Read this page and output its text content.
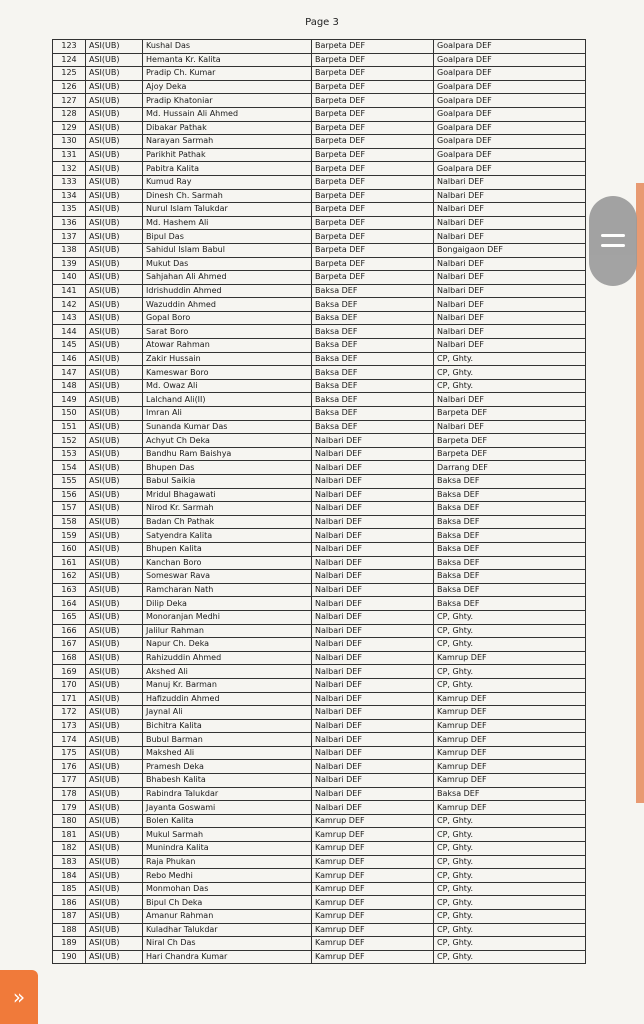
Page 3
123	ASI(UB)	Kushal Das	Barpeta DEF	Goalpara DEF
124	ASI(UB)	Hemanta Kr. Kalita	Barpeta DEF	Goalpara DEF
125	ASI(UB)	Pradip Ch. Kumar	Barpeta DEF	Goalpara DEF
126	ASI(UB)	Ajoy Deka	Barpeta DEF	Goalpara DEF
127	ASI(UB)	Pradip Khatoniar	Barpeta DEF	Goalpara DEF
128	ASI(UB)	Md. Hussain Ali Ahmed	Barpeta DEF	Goalpara DEF
129	ASI(UB)	Dibakar Pathak	Barpeta DEF	Goalpara DEF
130	ASI(UB)	Narayan Sarmah	Barpeta DEF	Goalpara DEF
131	ASI(UB)	Parikhit Pathak	Barpeta DEF	Goalpara DEF
132	ASI(UB)	Pabitra Kalita	Barpeta DEF	Goalpara DEF
133	ASI(UB)	Kumud Ray	Barpeta DEF	Nalbari DEF
134	ASI(UB)	Dinesh Ch. Sarmah	Barpeta DEF	Nalbari DEF
135	ASI(UB)	Nurul Islam Talukdar	Barpeta DEF	Nalbari DEF
136	ASI(UB)	Md. Hashem Ali	Barpeta DEF	Nalbari DEF
137	ASI(UB)	Bipul Das	Barpeta DEF	Nalbari DEF
138	ASI(UB)	Sahidul Islam Babul	Barpeta DEF	Bongaigaon DEF
139	ASI(UB)	Mukut Das	Barpeta DEF	Nalbari DEF
140	ASI(UB)	Sahjahan Ali Ahmed	Barpeta DEF	Nalbari DEF
141	ASI(UB)	Idrishuddin Ahmed	Baksa DEF	Nalbari DEF
142	ASI(UB)	Wazuddin Ahmed	Baksa DEF	Nalbari DEF
143	ASI(UB)	Gopal Boro	Baksa DEF	Nalbari DEF
144	ASI(UB)	Sarat Boro	Baksa DEF	Nalbari DEF
145	ASI(UB)	Atowar Rahman	Baksa DEF	Nalbari DEF
146	ASI(UB)	Zakir Hussain	Baksa DEF	CP, Ghty.
147	ASI(UB)	Kameswar Boro	Baksa DEF	CP, Ghty.
148	ASI(UB)	Md. Owaz Ali	Baksa DEF	CP, Ghty.
149	ASI(UB)	Lalchand Ali(II)	Baksa DEF	Nalbari DEF
150	ASI(UB)	Imran Ali	Baksa DEF	Barpeta DEF
151	ASI(UB)	Sunanda Kumar Das	Baksa DEF	Nalbari DEF
152	ASI(UB)	Achyut Ch Deka	Nalbari DEF	Barpeta DEF
153	ASI(UB)	Bandhu Ram Baishya	Nalbari DEF	Barpeta DEF
154	ASI(UB)	Bhupen Das	Nalbari DEF	Darrang DEF
155	ASI(UB)	Babul Saikia	Nalbari DEF	Baksa DEF
156	ASI(UB)	Mridul Bhagawati	Nalbari DEF	Baksa DEF
157	ASI(UB)	Nirod Kr. Sarmah	Nalbari DEF	Baksa DEF
158	ASI(UB)	Badan Ch Pathak	Nalbari DEF	Baksa DEF
159	ASI(UB)	Satyendra Kalita	Nalbari DEF	Baksa DEF
160	ASI(UB)	Bhupen Kalita	Nalbari DEF	Baksa DEF
161	ASI(UB)	Kanchan Boro	Nalbari DEF	Baksa DEF
162	ASI(UB)	Someswar Rava	Nalbari DEF	Baksa DEF
163	ASI(UB)	Ramcharan Nath	Nalbari DEF	Baksa DEF
164	ASI(UB)	Dilip Deka	Nalbari DEF	Baksa DEF
165	ASI(UB)	Monoranjan Medhi	Nalbari DEF	CP, Ghty.
166	ASI(UB)	Jalilur Rahman	Nalbari DEF	CP, Ghty.
167	ASI(UB)	Napur Ch. Deka	Nalbari DEF	CP, Ghty.
168	ASI(UB)	Rahizuddin Ahmed	Nalbari DEF	Kamrup DEF
169	ASI(UB)	Akshed Ali	Nalbari DEF	CP, Ghty.
170	ASI(UB)	Manuj Kr. Barman	Nalbari DEF	CP, Ghty.
171	ASI(UB)	Hafizuddin Ahmed	Nalbari DEF	Kamrup DEF
172	ASI(UB)	Jaynal Ali	Nalbari DEF	Kamrup DEF
173	ASI(UB)	Bichitra Kalita	Nalbari DEF	Kamrup DEF
174	ASI(UB)	Bubul Barman	Nalbari DEF	Kamrup DEF
175	ASI(UB)	Makshed Ali	Nalbari DEF	Kamrup DEF
176	ASI(UB)	Pramesh Deka	Nalbari DEF	Kamrup DEF
177	ASI(UB)	Bhabesh Kalita	Nalbari DEF	Kamrup DEF
178	ASI(UB)	Rabindra Talukdar	Nalbari DEF	Baksa DEF
179	ASI(UB)	Jayanta Goswami	Nalbari DEF	Kamrup DEF
180	ASI(UB)	Bolen Kalita	Kamrup DEF	CP, Ghty.
181	ASI(UB)	Mukul Sarmah	Kamrup DEF	CP, Ghty.
182	ASI(UB)	Munindra Kalita	Kamrup DEF	CP, Ghty.
183	ASI(UB)	Raja Phukan	Kamrup DEF	CP, Ghty.
184	ASI(UB)	Rebo Medhi	Kamrup DEF	CP, Ghty.
185	ASI(UB)	Monmohan Das	Kamrup DEF	CP, Ghty.
186	ASI(UB)	Bipul Ch Deka	Kamrup DEF	CP, Ghty.
187	ASI(UB)	Amanur Rahman	Kamrup DEF	CP, Ghty.
188	ASI(UB)	Kuladhar Talukdar	Kamrup DEF	CP, Ghty.
189	ASI(UB)	Niral Ch Das	Kamrup DEF	CP, Ghty.
190	ASI(UB)	Hari Chandra Kumar	Kamrup DEF	CP, Ghty.
»
